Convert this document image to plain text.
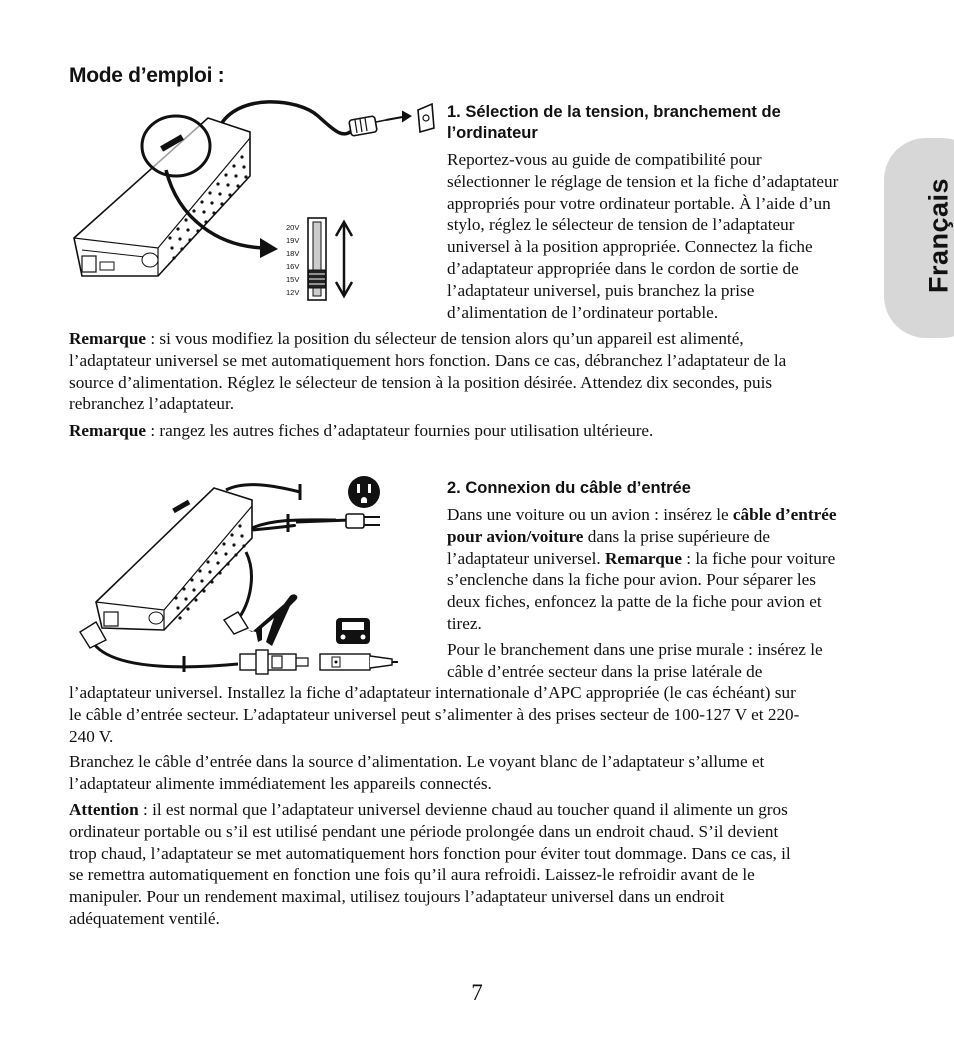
Mode d’emploi :
Français
20V
19V
18V
16V
15V
12V
1. Sélection de la tension, branchement de
l’ordinateur
Reportez-vous au guide de compatibilité pour
sélectionner le réglage de tension et la fiche d’adaptateur
appropriés pour votre ordinateur portable. À l’aide d’un
stylo, réglez le sélecteur de tension de l’adaptateur
universel à la position appropriée. Connectez la fiche
d’adaptateur appropriée dans le cordon de sortie de
l’adaptateur universel, puis branchez la prise
d’alimentation de l’ordinateur portable.
Remarque : si vous modifiez la position du sélecteur de tension alors qu’un appareil est alimenté,
l’adaptateur universel se met automatiquement hors fonction. Dans ce cas, débranchez l’adaptateur de la
source d’alimentation. Réglez le sélecteur de tension à la position désirée. Attendez dix secondes, puis
rebranchez l’adaptateur.
Remarque : rangez les autres fiches d’adaptateur fournies pour utilisation ultérieure.
2. Connexion du câble d’entrée
Dans une voiture ou un avion : insérez le câble d’entrée
pour avion/voiture dans la prise supérieure de
l’adaptateur universel. Remarque : la fiche pour voiture
s’enclenche dans la fiche pour avion. Pour séparer les
deux fiches, enfoncez la patte de la fiche pour avion et
tirez.
Pour le branchement dans une prise murale : insérez le
câble d’entrée secteur dans la prise latérale de
l’adaptateur universel. Installez la fiche d’adaptateur internationale d’APC appropriée (le cas échéant) sur
le câble d’entrée secteur. L’adaptateur universel peut s’alimenter à des prises secteur de 100-127 V et 220-
240 V.
Branchez le câble d’entrée dans la source d’alimentation. Le voyant blanc de l’adaptateur s’allume et
l’adaptateur alimente immédiatement les appareils connectés.
Attention : il est normal que l’adaptateur universel devienne chaud au toucher quand il alimente un gros
ordinateur portable ou s’il est utilisé pendant une période prolongée dans un endroit chaud. S’il devient
trop chaud, l’adaptateur se met automatiquement hors fonction pour éviter tout dommage. Dans ce cas, il
se remettra automatiquement en fonction une fois qu’il aura refroidi. Laissez-le refroidir avant de le
manipuler. Pour un rendement maximal, utilisez toujours l’adaptateur universel dans un endroit
adéquatement ventilé.
7
